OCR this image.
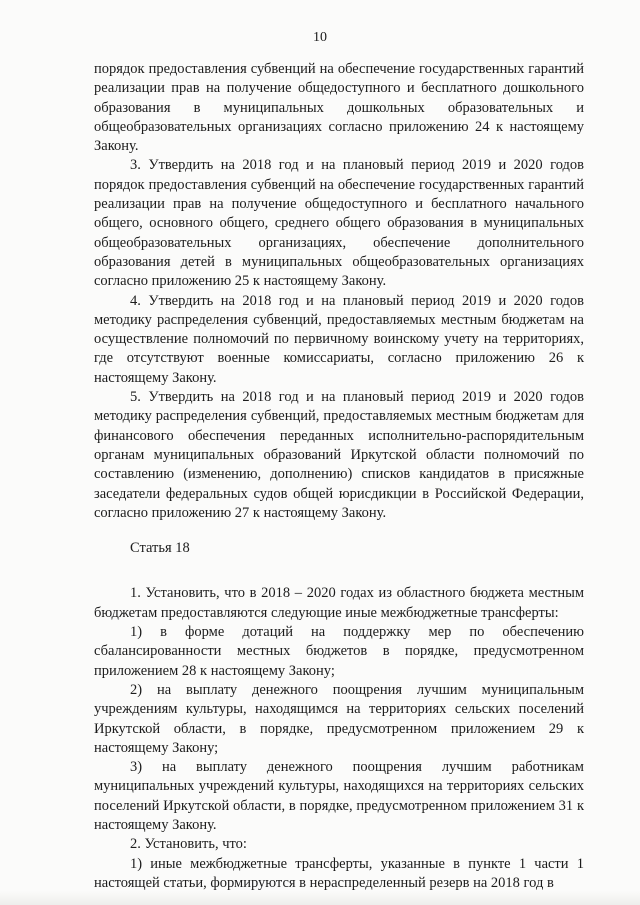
10

порядок предоставления субвенций на обеспечение государственных гарантий реализации прав на получение общедоступного и бесплатного дошкольного образования в муниципальных дошкольных образовательных и общеобразовательных организациях согласно приложению 24 к настоящему Закону.

3. Утвердить на 2018 год и на плановый период 2019 и 2020 годов порядок предоставления субвенций на обеспечение государственных гарантий реализации прав на получение общедоступного и бесплатного начального общего, основного общего, среднего общего образования в муниципальных общеобразовательных организациях, обеспечение дополнительного образования детей в муниципальных общеобразовательных организациях согласно приложению 25 к настоящему Закону.

4. Утвердить на 2018 год и на плановый период 2019 и 2020 годов методику распределения субвенций, предоставляемых местным бюджетам на осуществление полномочий по первичному воинскому учету на территориях, где отсутствуют военные комиссариаты, согласно приложению 26 к настоящему Закону.

5. Утвердить на 2018 год и на плановый период 2019 и 2020 годов методику распределения субвенций, предоставляемых местным бюджетам для финансового обеспечения переданных исполнительно-распорядительным органам муниципальных образований Иркутской области полномочий по составлению (изменению, дополнению) списков кандидатов в присяжные заседатели федеральных судов общей юрисдикции в Российской Федерации, согласно приложению 27 к настоящему Закону.

Статья 18

1. Установить, что в 2018 – 2020 годах из областного бюджета местным бюджетам предоставляются следующие иные межбюджетные трансферты:

1) в форме дотаций на поддержку мер по обеспечению сбалансированности местных бюджетов в порядке, предусмотренном приложением 28 к настоящему Закону;

2) на выплату денежного поощрения лучшим муниципальным учреждениям культуры, находящимся на территориях сельских поселений Иркутской области, в порядке, предусмотренном приложением 29 к настоящему Закону;

3) на выплату денежного поощрения лучшим работникам муниципальных учреждений культуры, находящихся на территориях сельских поселений Иркутской области, в порядке, предусмотренном приложением 31 к настоящему Закону.

2. Установить, что:

1) иные межбюджетные трансферты, указанные в пункте 1 части 1 настоящей статьи, формируются в нераспределенный резерв на 2018 год в
